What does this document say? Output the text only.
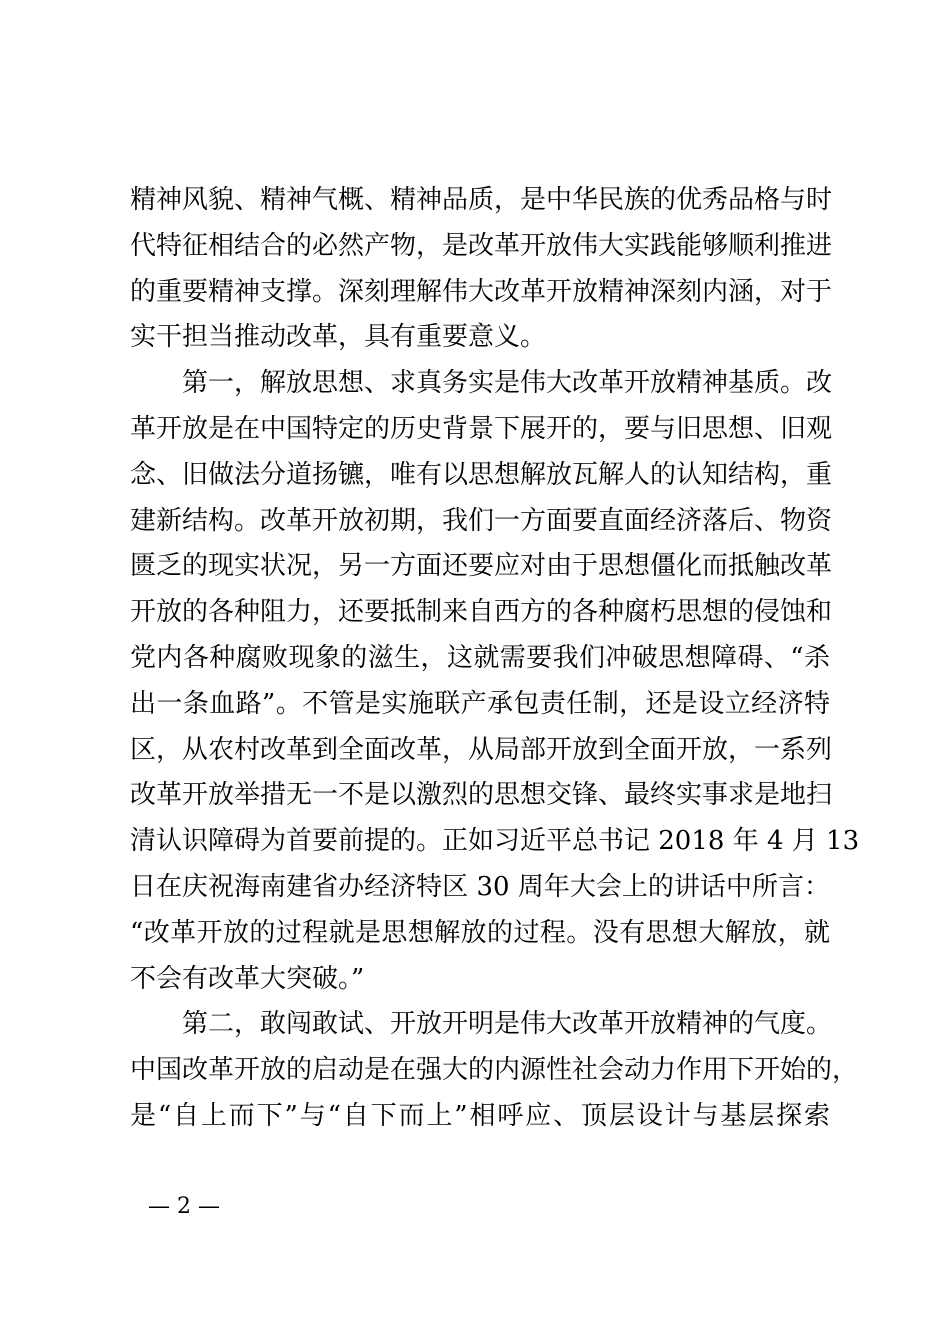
精神风貌、精神气概、精神品质，是中华民族的优秀品格与时
代特征相结合的必然产物，是改革开放伟大实践能够顺利推进
的重要精神支撑。深刻理解伟大改革开放精神深刻内涵，对于
实干担当推动改革，具有重要意义。
第一，解放思想、求真务实是伟大改革开放精神基质。改
革开放是在中国特定的历史背景下展开的，要与旧思想、旧观
念、旧做法分道扬镳，唯有以思想解放瓦解人的认知结构，重
建新结构。改革开放初期，我们一方面要直面经济落后、物资
匮乏的现实状况，另一方面还要应对由于思想僵化而抵触改革
开放的各种阻力，还要抵制来自西方的各种腐朽思想的侵蚀和
党内各种腐败现象的滋生，这就需要我们冲破思想障碍、“杀
出一条血路”。不管是实施联产承包责任制，还是设立经济特
区，从农村改革到全面改革，从局部开放到全面开放，一系列
改革开放举措无一不是以激烈的思想交锋、最终实事求是地扫
清认识障碍为首要前提的。正如习近平总书记 2018 年 4 月 13
日在庆祝海南建省办经济特区 30 周年大会上的讲话中所言：
“改革开放的过程就是思想解放的过程。没有思想大解放，就
不会有改革大突破。”
第二，敢闯敢试、开放开明是伟大改革开放精神的气度。
中国改革开放的启动是在强大的内源性社会动力作用下开始的，
是“自上而下”与“自下而上”相呼应、顶层设计与基层探索
— 2 —
